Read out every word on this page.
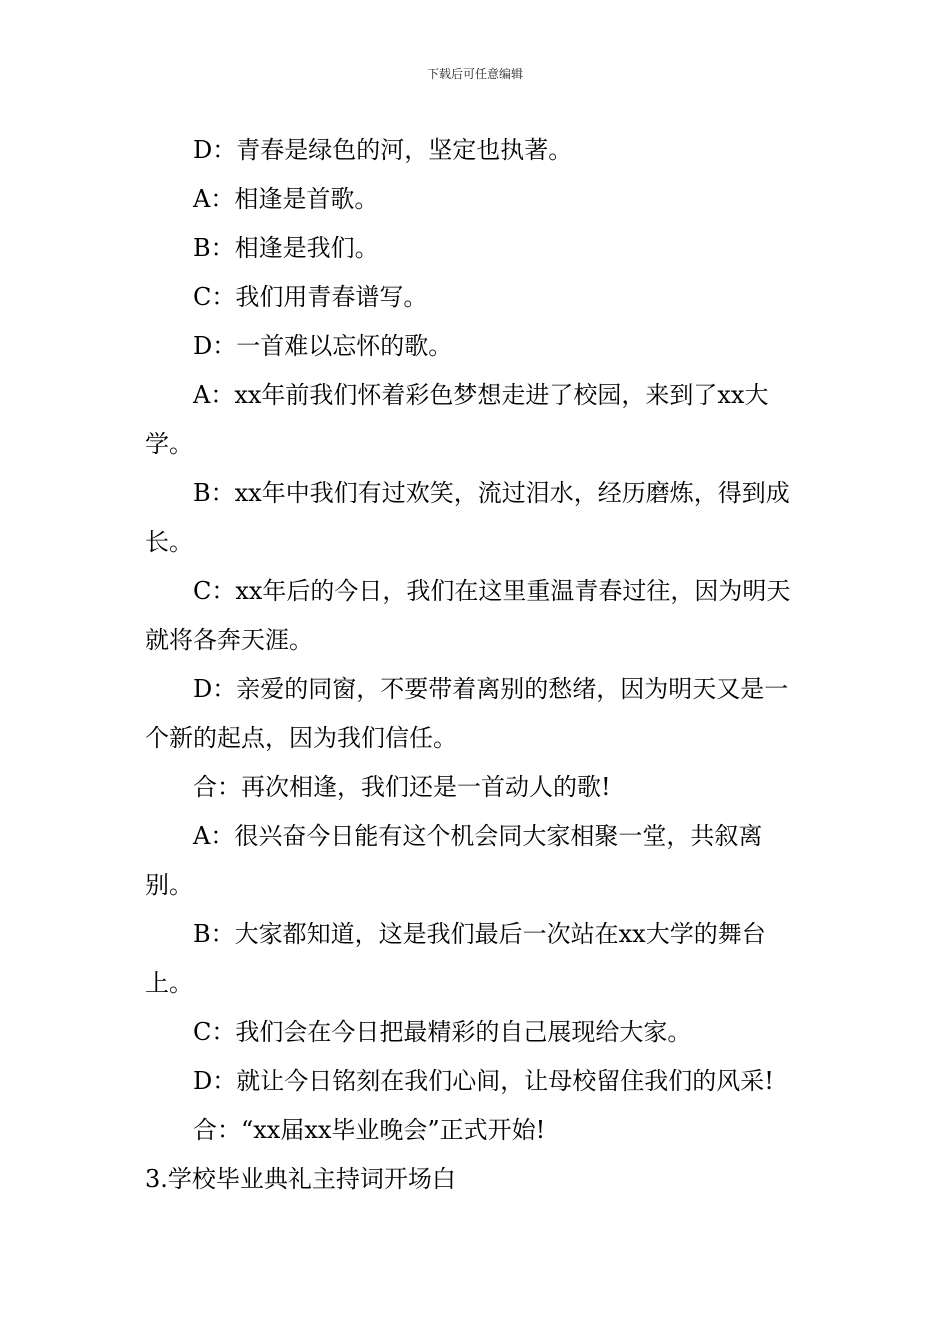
下载后可任意编辑

D：青春是绿色的河，坚定也执著。

A：相逢是首歌。

B：相逢是我们。

C：我们用青春谱写。

D：一首难以忘怀的歌。

A：xx年前我们怀着彩色梦想走进了校园，来到了xx大学。

B：xx年中我们有过欢笑，流过泪水，经历磨炼，得到成长。

C：xx年后的今日，我们在这里重温青春过往，因为明天就将各奔天涯。

D：亲爱的同窗，不要带着离别的愁绪，因为明天又是一个新的起点，因为我们信任。

合：再次相逢，我们还是一首动人的歌!

A：很兴奋今日能有这个机会同大家相聚一堂，共叙离别。

B：大家都知道，这是我们最后一次站在xx大学的舞台上。

C：我们会在今日把最精彩的自己展现给大家。

D：就让今日铭刻在我们心间，让母校留住我们的风采!

合：“xx届xx毕业晚会”正式开始!

3.学校毕业典礼主持词开场白
